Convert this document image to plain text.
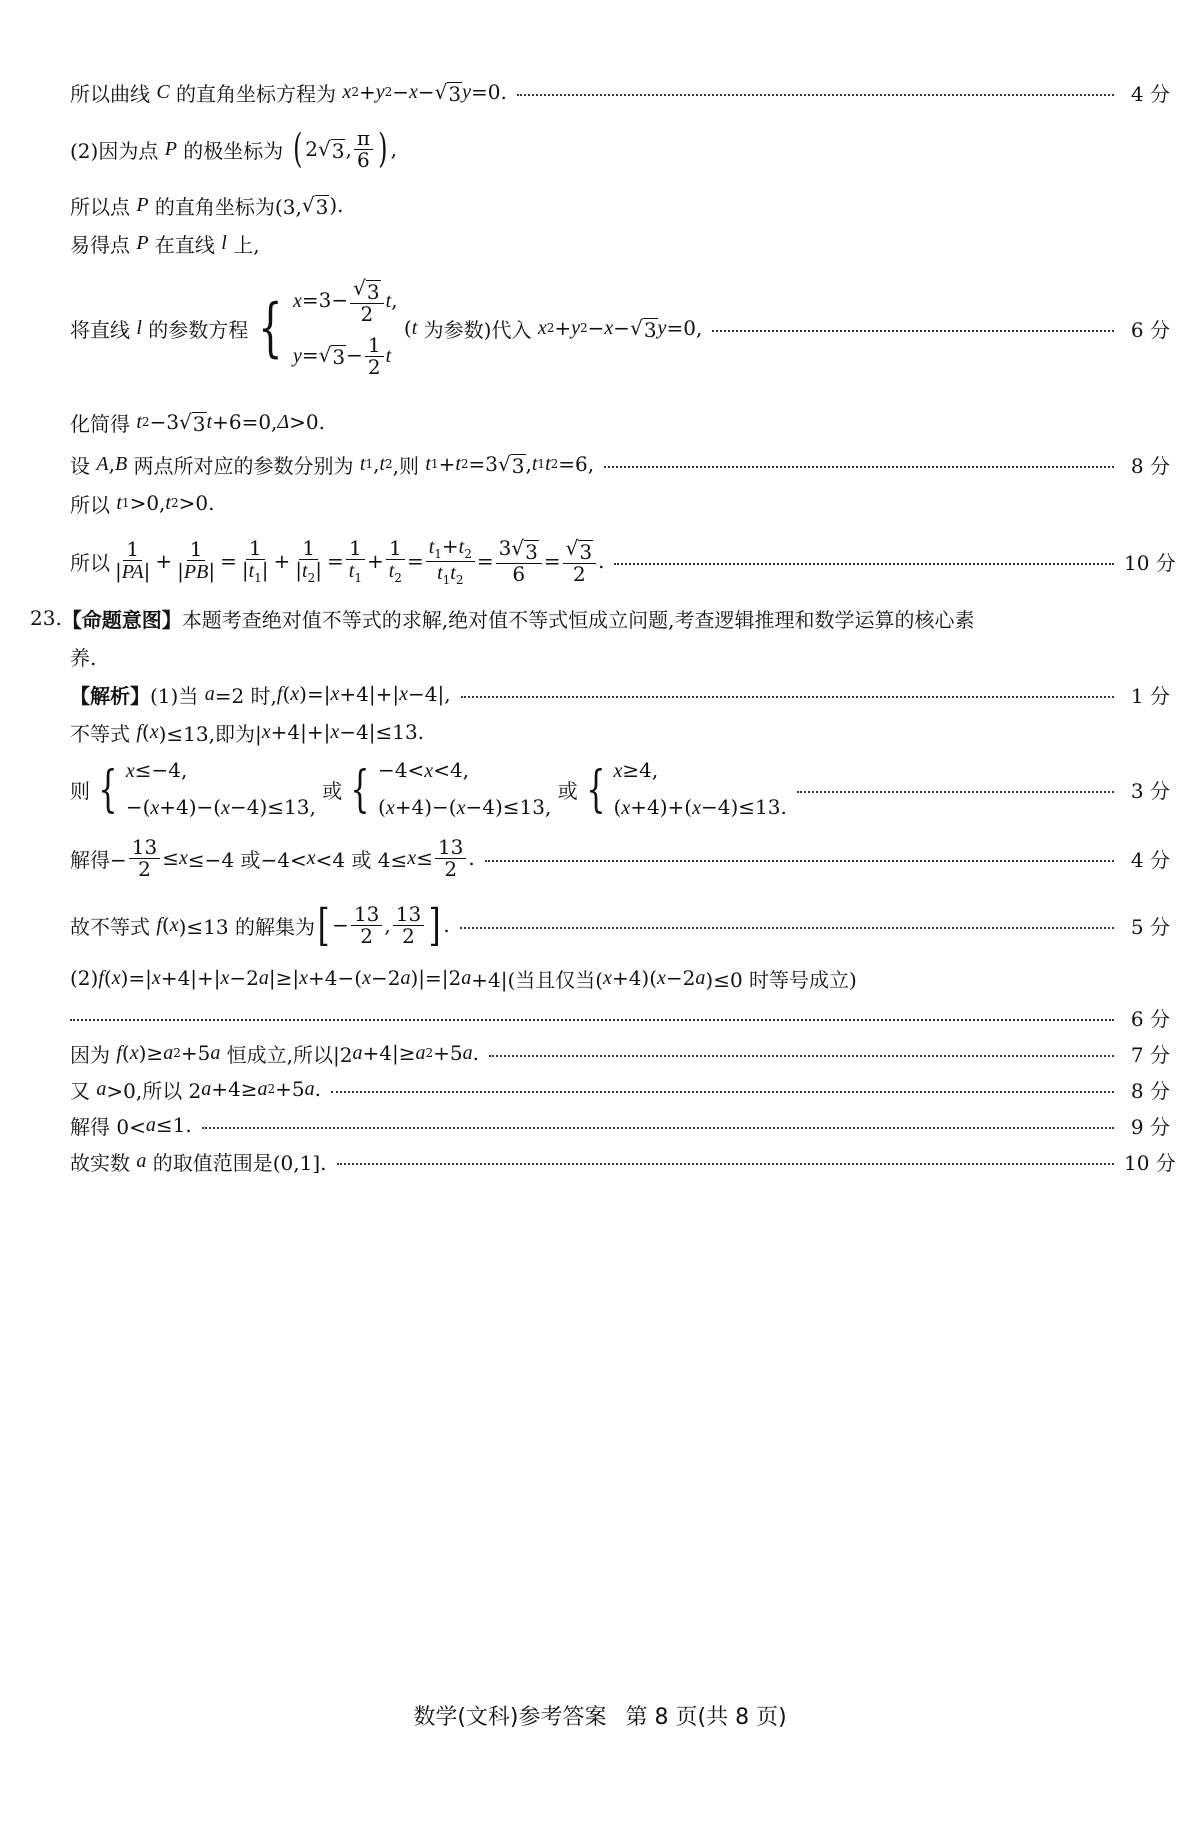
所以曲线 C 的直角坐标方程为 x 2 + y 2 − x − √ 3 y =0.	4 分
(2)因为点 P 的极坐标为 ( 2 √ 3 , $\frac{\pi}{6}$ ) ,
所以点 P 的直角坐标为(3, √ 3 ).
易得点 P 在直线 l 上,
将直线 l 的参数方程 { $x=3- \frac{√ 3}{2} t$,
y= √ $3 - \frac{1}{2}$ t
( t 为参数)代入 x 2 + y 2 − x − √ 3 y =0,	6 分
化简得 t 2 −3 √ 3 t +6=0, Δ >0.
设 A , B 两点所对应的参数分别为 t 1 , t 2 ,则 t 1 + t 2 =3 √ 3 , t 1 t 2 =6,	8 分
所以 t 1 >0, t 2 >0.
所以 $\frac{1}{|PA|} + \frac{1}{|PB|} = \frac{1}{|t_1|} + \frac{1}{|t_2|} = \frac{1}{t_1} + \frac{1}{t_2} = \frac{t_1+t_2}{t_1t_2} = \frac{3 √ 3}{6} = \frac{√ 3}{2}$ .	10 分
23. 【命题意图】 本题考查绝对值不等式的求解,绝对值不等式恒成立问题,考查逻辑推理和数学运算的核心素
养.
【解析】 (1)当 a =2 时, f ( x )=| x +4|+| x −4|,	1 分
不等式 f ( x )≤13,即为| x +4|+| x −4|≤13.
则 { x≤−4,
−(x+4)−(x−4)≤13,
或 { −4<x<4,
(x+4)−(x−4)≤13,
或 { x≥4,
(x+4)+(x−4)≤13.
3 分
解得− $\frac{13}{2} \le x \le-4$ 或−4< x <4 或 $4\le x \le \frac{13}{2}$ .	4 分
故不等式 f ( x )≤13 的解集为 [ − $\frac{13}{2}$ , $\frac{13}{2}$ ] .	5 分
(2) f ( x )=| x +4|+| x −2 a |≥| x +4−( x −2 a )|=|2 a +4|(当且仅当( x +4)( x −2 a )≤0 时等号成立)
6 分
因为 f ( x )≥ a 2 +5 a 恒成立,所以|2 a +4|≥ a 2 +5 a .	7 分
又 a >0,所以 2 a +4≥ a 2 +5 a .	8 分
解得 0< a ≤1.	9 分
故实数 a 的取值范围是(0,1].	10 分
数学(文科)参考答案 第 8 页(共 8 页)
